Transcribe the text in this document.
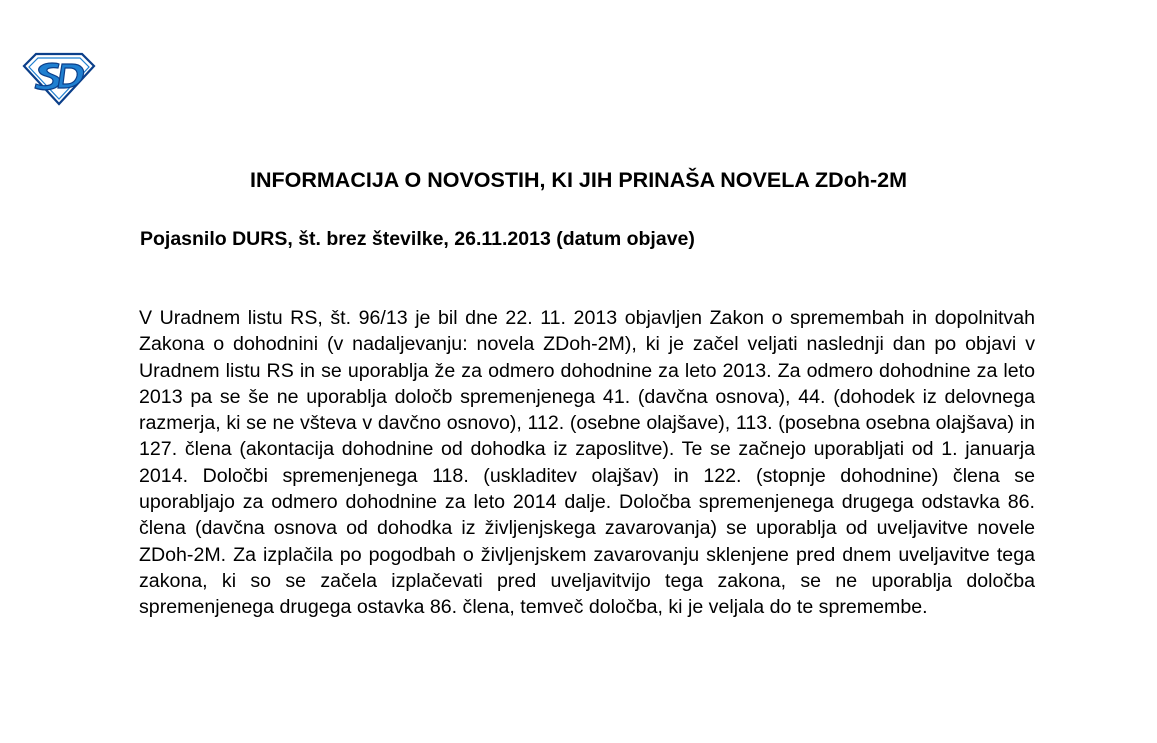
INFORMACIJA O NOVOSTIH, KI JIH PRINAŠA NOVELA ZDoh-2M

Pojasnilo DURS, št. brez številke, 26.11.2013 (datum objave)

V Uradnem listu RS, št. 96/13 je bil dne 22. 11. 2013 objavljen Zakon o spremembah in dopolnitvah Zakona o dohodnini (v nadaljevanju: novela ZDoh-2M), ki je začel veljati naslednji dan po objavi v Uradnem listu RS in se uporablja že za odmero dohodnine za leto 2013. Za odmero dohodnine za leto 2013 pa se še ne uporablja določb spremenjenega 41. (davčna osnova), 44. (dohodek iz delovnega razmerja, ki se ne všteva v davčno osnovo), 112. (osebne olajšave), 113. (posebna osebna olajšava) in 127. člena (akontacija dohodnine od dohodka iz zaposlitve). Te se začnejo uporabljati od 1. januarja 2014. Določbi spremenjenega 118. (uskladitev olajšav) in 122. (stopnje dohodnine) člena se uporabljajo za odmero dohodnine za leto 2014 dalje. Določba spremenjenega drugega odstavka 86. člena (davčna osnova od dohodka iz življenjskega zavarovanja) se uporablja od uveljavitve novele ZDoh-2M. Za izplačila po pogodbah o življenjskem zavarovanju sklenjene pred dnem uveljavitve tega zakona, ki so se začela izplačevati pred uveljavitvijo tega zakona, se ne uporablja določba spremenjenega drugega ostavka 86. člena, temveč določba, ki je veljala do te spremembe.
